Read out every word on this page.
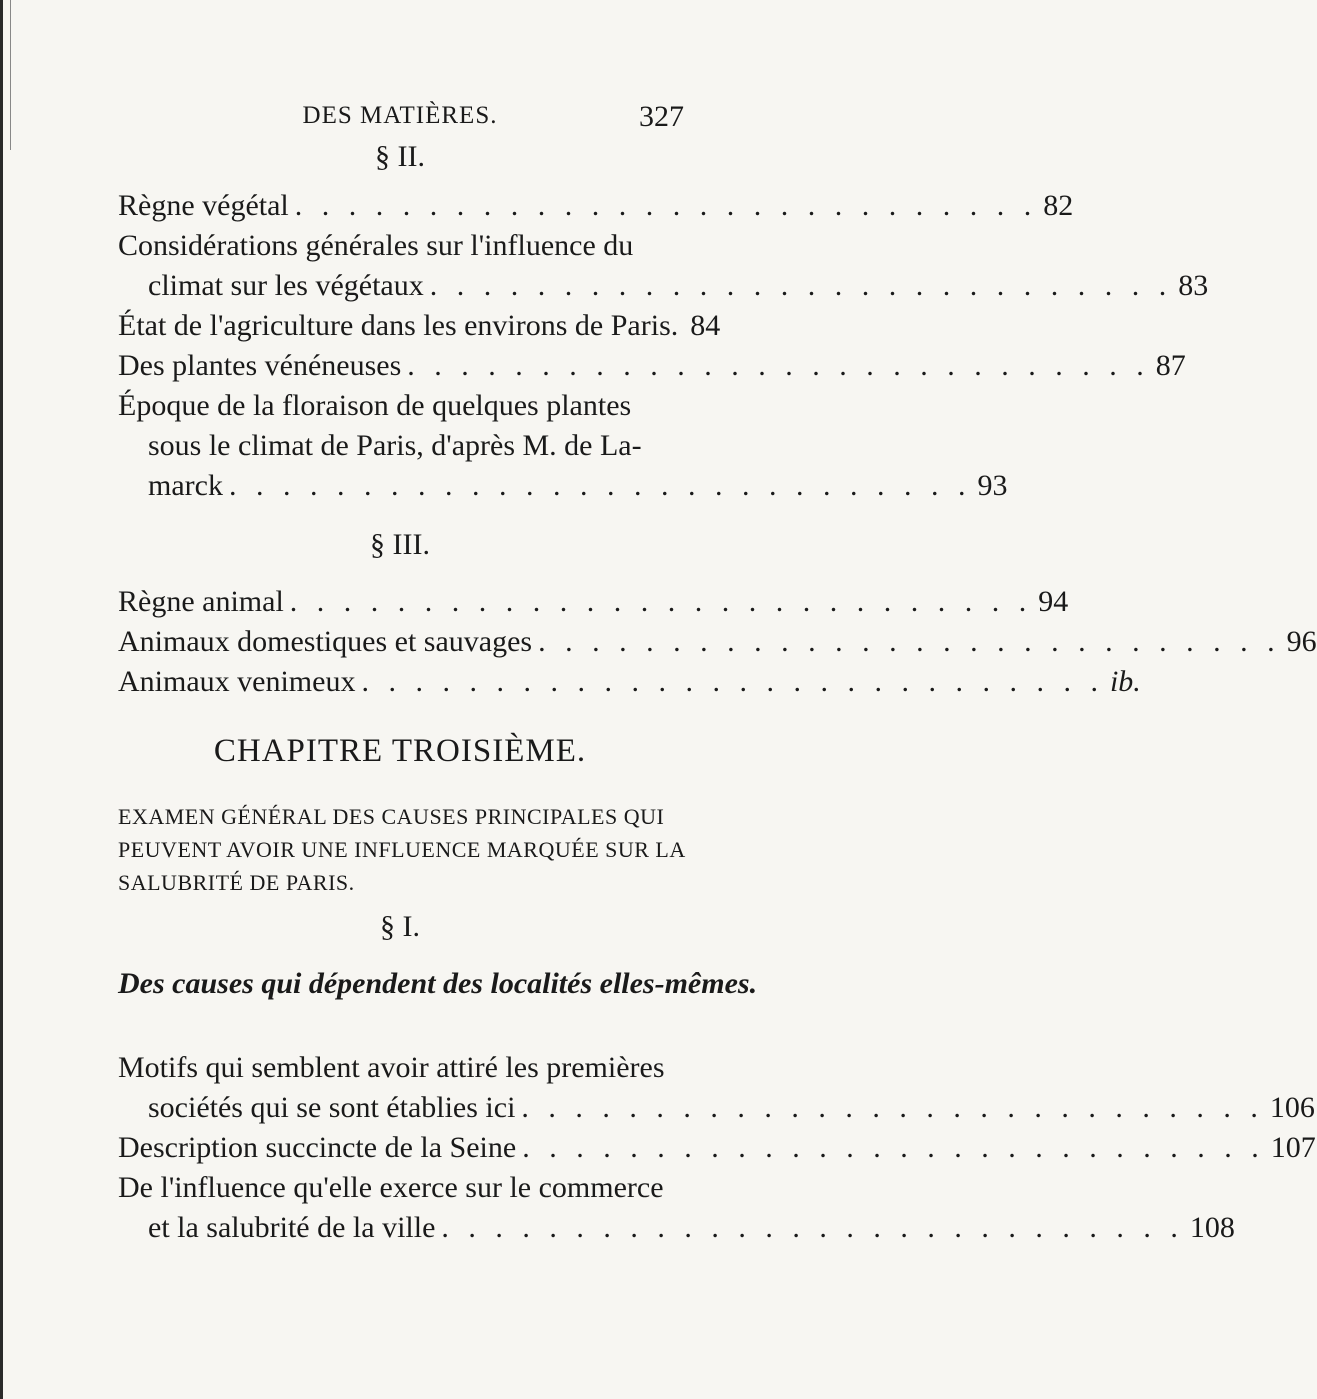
DES MATIÈRES.	327
§ II.
Règne végétal . . . . . . . . . . . . . . . . . . . . . . . . . . . . 82
Considérations générales sur l'influence du
climat sur les végétaux . . . . . . . . . . . . . . . . . . . . . . . . . . . . 83
État de l'agriculture dans les environs de Paris. 84
Des plantes vénéneuses . . . . . . . . . . . . . . . . . . . . . . . . . . . . 87
Époque de la floraison de quelques plantes
sous le climat de Paris, d'après M. de La-
marck . . . . . . . . . . . . . . . . . . . . . . . . . . . . 93
§ III.
Règne animal . . . . . . . . . . . . . . . . . . . . . . . . . . . . 94
Animaux domestiques et sauvages . . . . . . . . . . . . . . . . . . . . . . . . . . . . 96
Animaux venimeux . . . . . . . . . . . . . . . . . . . . . . . . . . . . ib.
CHAPITRE TROISIÈME.
EXAMEN GÉNÉRAL DES CAUSES PRINCIPALES QUI PEUVENT AVOIR UNE INFLUENCE MARQUÉE SUR LA SALUBRITÉ DE PARIS.
§ I.
Des causes qui dépendent des localités elles-mêmes.
Motifs qui semblent avoir attiré les premières
sociétés qui se sont établies ici . . . . . . . . . . . . . . . . . . . . . . . . . . . . 106
Description succincte de la Seine . . . . . . . . . . . . . . . . . . . . . . . . . . . . 107
De l'influence qu'elle exerce sur le commerce
et la salubrité de la ville . . . . . . . . . . . . . . . . . . . . . . . . . . . . 108
